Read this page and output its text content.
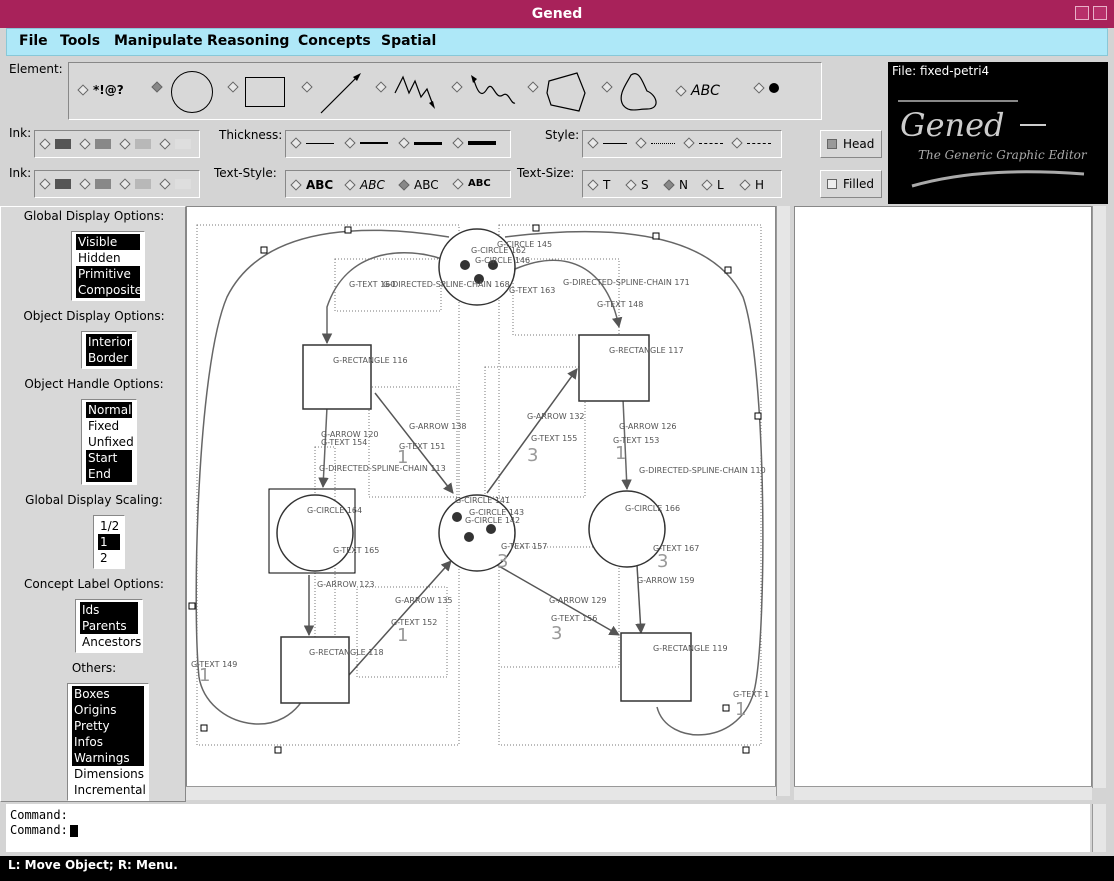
Gened
File Tools Manipulate Reasoning Concepts Spatial
Element:
*!@?	ABC
Ink:	Thickness:	Style:
Head
Ink:	Text-Style:
ABC ABC ABC	ABC
Text-Size:
T	S	N L	H	Filled
File: fixed-petri4
Gened
The Generic Graphic Editor
Global Display Options:
Visible
Hidden
Primitive
Composite
Object Display Options:
Interior
Border
Object Handle Options:
Normal
Fixed
Unfixed
Start
End
Global Display Scaling:
1/2
1
2
Concept Label Options:
Ids
Parents
Ancestors
Others:
Boxes
Origins
Pretty
Infos
Warnings
Dimensions
Incremental
G-CIRCLE 145
G-CIRCLE 162
G-CIRCLE 146
G-TEXT 160
G-DIRECTED-SPLINE-CHAIN 168
G-TEXT 163
G-DIRECTED-SPLINE-CHAIN 171
G-TEXT 148
G-RECTANGLE 116
G-RECTANGLE 117
G-ARROW 138
G-ARROW 132
G-ARROW 120
G-TEXT 154	G-TEXT 151
G-TEXT 155
G-ARROW 126
G-TEXT 153
G-DIRECTED-SPLINE-CHAIN 113	G-DIRECTED-SPLINE-CHAIN 110
G-CIRCLE 141
G-CIRCLE 143
G-CIRCLE 142
G-CIRCLE 164	G-CIRCLE 166
G-TEXT 165	G-TEXT 157	G-TEXT 167
G-ARROW 123	G-ARROW 159
G-ARROW 135	G-ARROW 129
G-TEXT 152	G-TEXT 156
G-TEXT 149
G-RECTANGLE 118	G-RECTANGLE 119
G-TEXT 1
1	3	1
3	3
1	3
1
1
Command:
Command:
L: Move Object; R: Menu.
